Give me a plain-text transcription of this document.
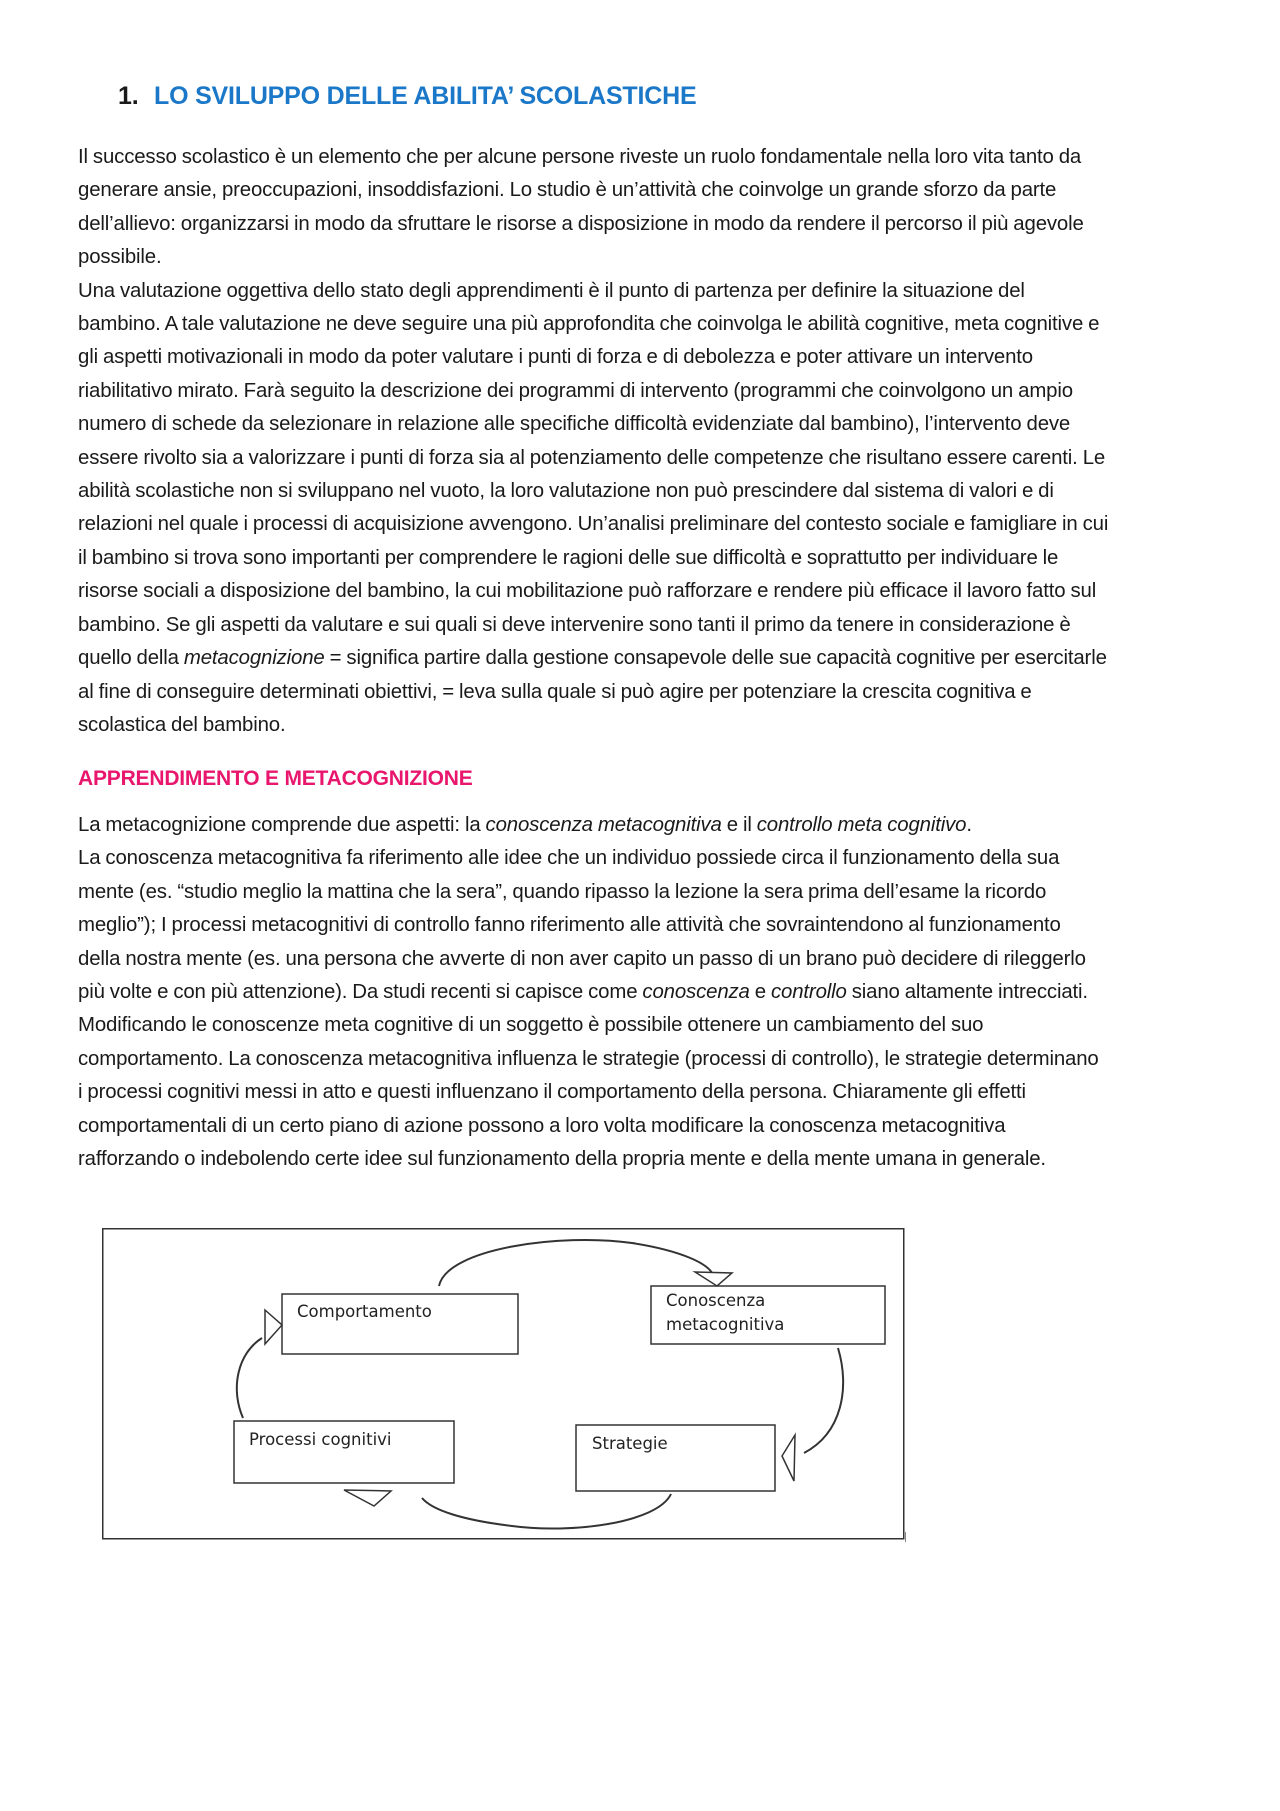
1. LO SVILUPPO DELLE ABILITA’ SCOLASTICHE
Il successo scolastico è un elemento che per alcune persone riveste un ruolo fondamentale nella loro vita tanto da
generare ansie, preoccupazioni, insoddisfazioni. Lo studio è un’attività che coinvolge un grande sforzo da parte
dell’allievo: organizzarsi in modo da sfruttare le risorse a disposizione in modo da rendere il percorso il più agevole
possibile.
Una valutazione oggettiva dello stato degli apprendimenti è il punto di partenza per definire la situazione del
bambino. A tale valutazione ne deve seguire una più approfondita che coinvolga le abilità cognitive, meta cognitive e
gli aspetti motivazionali in modo da poter valutare i punti di forza e di debolezza e poter attivare un intervento
riabilitativo mirato. Farà seguito la descrizione dei programmi di intervento (programmi che coinvolgono un ampio
numero di schede da selezionare in relazione alle specifiche difficoltà evidenziate dal bambino), l’intervento deve
essere rivolto sia a valorizzare i punti di forza sia al potenziamento delle competenze che risultano essere carenti. Le
abilità scolastiche non si sviluppano nel vuoto, la loro valutazione non può prescindere dal sistema di valori e di
relazioni nel quale i processi di acquisizione avvengono. Un’analisi preliminare del contesto sociale e famigliare in cui
il bambino si trova sono importanti per comprendere le ragioni delle sue difficoltà e soprattutto per individuare le
risorse sociali a disposizione del bambino, la cui mobilitazione può rafforzare e rendere più efficace il lavoro fatto sul
bambino. Se gli aspetti da valutare e sui quali si deve intervenire sono tanti il primo da tenere in considerazione è
quello della metacognizione = significa partire dalla gestione consapevole delle sue capacità cognitive per esercitarle
al fine di conseguire determinati obiettivi, = leva sulla quale si può agire per potenziare la crescita cognitiva e
scolastica del bambino.
APPRENDIMENTO E METACOGNIZIONE
La metacognizione comprende due aspetti: la conoscenza metacognitiva e il controllo meta cognitivo.
La conoscenza metacognitiva fa riferimento alle idee che un individuo possiede circa il funzionamento della sua
mente (es. “studio meglio la mattina che la sera”, quando ripasso la lezione la sera prima dell’esame la ricordo
meglio”); I processi metacognitivi di controllo fanno riferimento alle attività che sovraintendono al funzionamento
della nostra mente (es. una persona che avverte di non aver capito un passo di un brano può decidere di rileggerlo
più volte e con più attenzione). Da studi recenti si capisce come conoscenza e controllo siano altamente intrecciati.
Modificando le conoscenze meta cognitive di un soggetto è possibile ottenere un cambiamento del suo
comportamento. La conoscenza metacognitiva influenza le strategie (processi di controllo), le strategie determinano
i processi cognitivi messi in atto e questi influenzano il comportamento della persona. Chiaramente gli effetti
comportamentali di un certo piano di azione possono a loro volta modificare la conoscenza metacognitiva
rafforzando o indebolendo certe idee sul funzionamento della propria mente e della mente umana in generale.
Comportamento
Conoscenza
metacognitiva
Strategie
Processi cognitivi
